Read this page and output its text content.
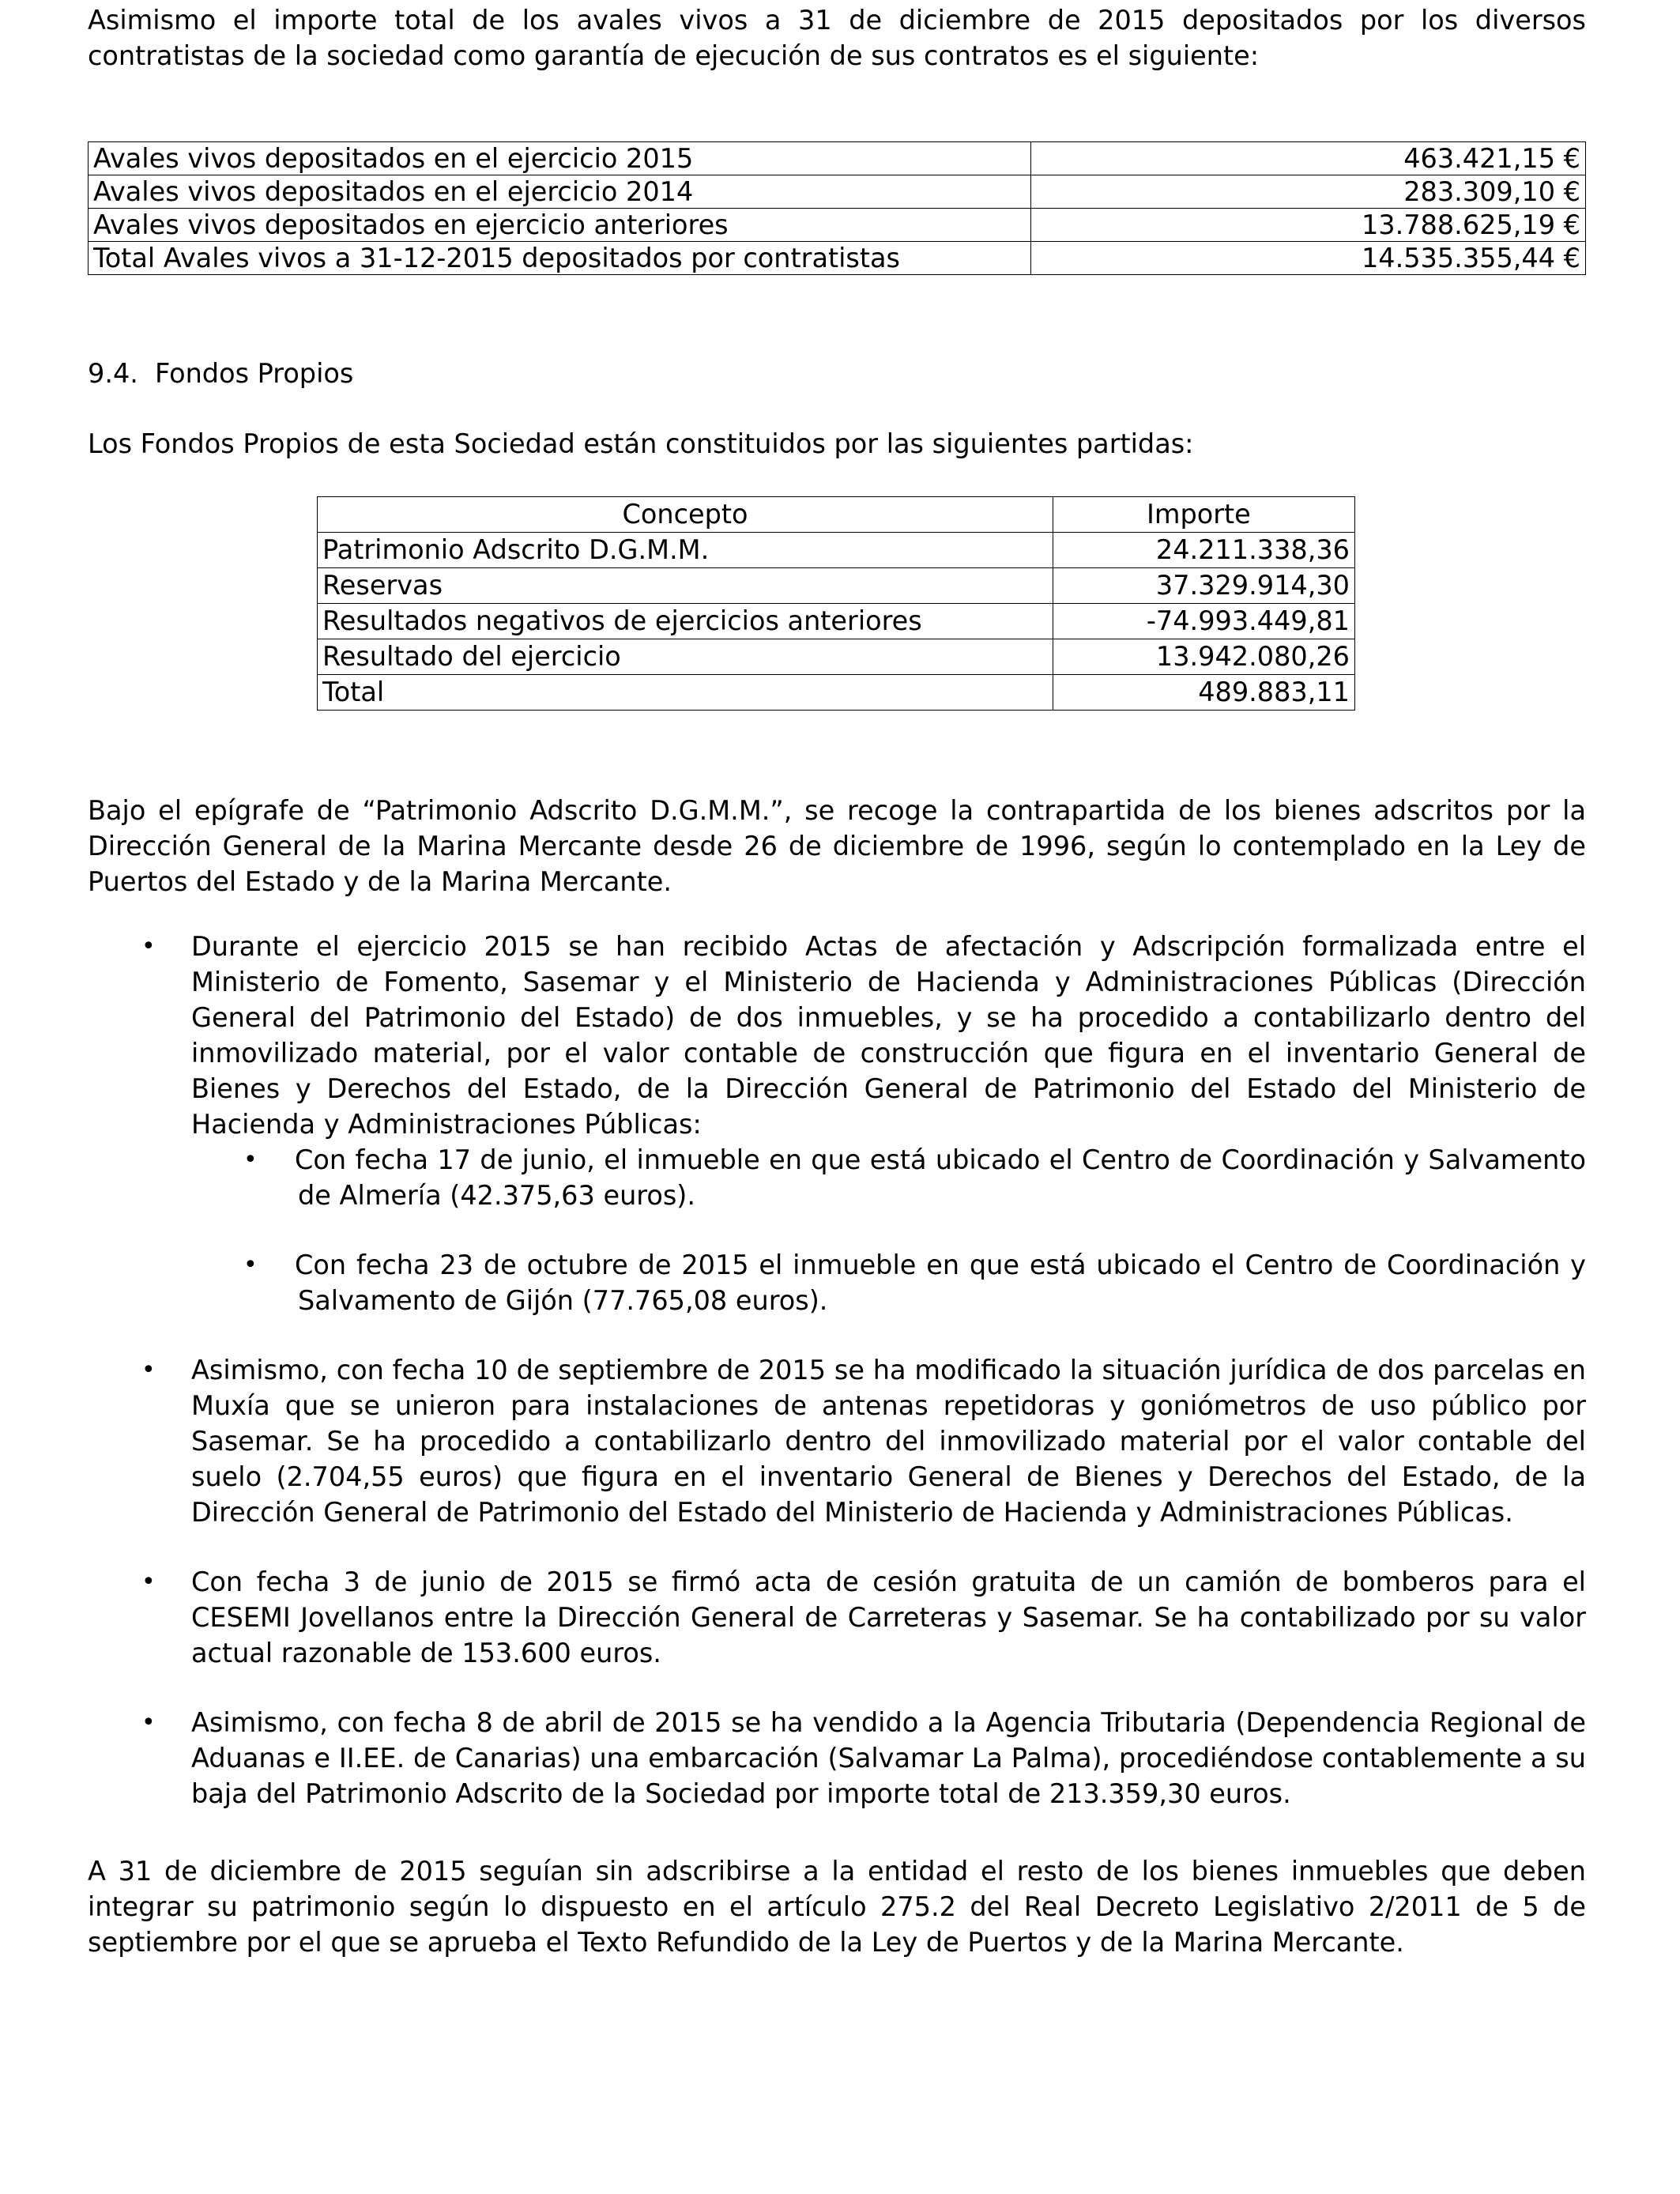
Asimismo el importe total de los avales vivos a 31 de diciembre de 2015 depositados por los diversos contratistas de la sociedad como garantía de ejecución de sus contratos es el siguiente:

Avales vivos depositados en el ejercicio 2015	463.421,15 €
Avales vivos depositados en el ejercicio 2014	283.309,10 €
Avales vivos depositados en ejercicio anteriores	13.788.625,19 €
Total Avales vivos a 31-12-2015 depositados por contratistas	14.535.355,44 €

9.4. Fondos Propios

Los Fondos Propios de esta Sociedad están constituidos por las siguientes partidas:

Concepto	Importe
Patrimonio Adscrito D.G.M.M.	24.211.338,36
Reservas	37.329.914,30
Resultados negativos de ejercicios anteriores	-74.993.449,81
Resultado del ejercicio	13.942.080,26
Total	489.883,11

Bajo el epígrafe de “Patrimonio Adscrito D.G.M.M.”, se recoge la contrapartida de los bienes adscritos por la Dirección General de la Marina Mercante desde 26 de diciembre de 1996, según lo contemplado en la Ley de Puertos del Estado y de la Marina Mercante.

• Durante el ejercicio 2015 se han recibido Actas de afectación y Adscripción formalizada entre el Ministerio de Fomento, Sasemar y el Ministerio de Hacienda y Administraciones Públicas (Dirección General del Patrimonio del Estado) de dos inmuebles, y se ha procedido a contabilizarlo dentro del inmovilizado material, por el valor contable de construcción que figura en el inventario General de Bienes y Derechos del Estado, de la Dirección General de Patrimonio del Estado del Ministerio de Hacienda y Administraciones Públicas:

• Con fecha 17 de junio, el inmueble en que está ubicado el Centro de Coordinación y Salvamento
de Almería (42.375,63 euros).

• Con fecha 23 de octubre de 2015 el inmueble en que está ubicado el Centro de Coordinación y
Salvamento de Gijón (77.765,08 euros).

• Asimismo, con fecha 10 de septiembre de 2015 se ha modificado la situación jurídica de dos parcelas en Muxía que se unieron para instalaciones de antenas repetidoras y goniómetros de uso público por Sasemar. Se ha procedido a contabilizarlo dentro del inmovilizado material por el valor contable del suelo (2.704,55 euros) que figura en el inventario General de Bienes y Derechos del Estado, de la Dirección General de Patrimonio del Estado del Ministerio de Hacienda y Administraciones Públicas.

• Con fecha 3 de junio de 2015 se firmó acta de cesión gratuita de un camión de bomberos para el CESEMI Jovellanos entre la Dirección General de Carreteras y Sasemar. Se ha contabilizado por su valor actual razonable de 153.600 euros.

• Asimismo, con fecha 8 de abril de 2015 se ha vendido a la Agencia Tributaria (Dependencia Regional de Aduanas e II.EE. de Canarias) una embarcación (Salvamar La Palma), procediéndose contablemente a su baja del Patrimonio Adscrito de la Sociedad por importe total de 213.359,30 euros.

A 31 de diciembre de 2015 seguían sin adscribirse a la entidad el resto de los bienes inmuebles que deben integrar su patrimonio según lo dispuesto en el artículo 275.2 del Real Decreto Legislativo 2/2011 de 5 de septiembre por el que se aprueba el Texto Refundido de la Ley de Puertos y de la Marina Mercante.
